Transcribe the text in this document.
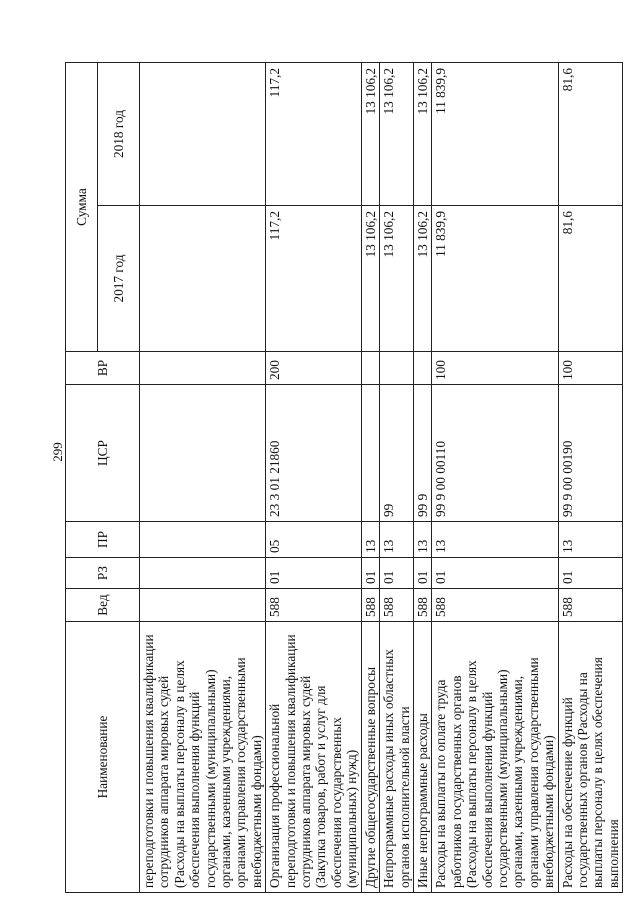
299
Наименование	Вед	РЗ	ПР	ЦСР	ВР	Сумма	
						2017 год	2018 год
переподготовки и повышения квалификации сотрудников аппарата мировых судей (Расходы на выплаты персоналу в целях обеспечения выполнения функций государственными (муниципальными) органами, казенными учреждениями, органами управления государственными внебюджетными фондами)							
Организация профессиональной переподготовки и повышения квалификации сотрудников аппарата мировых судей (Закупка товаров, работ и услуг для обеспечения государственных (муниципальных) нужд)	588	01	05	23 3 01 21860	200	117,2	117,2
Другие общегосударственные вопросы	588	01	13			13 106,2	13 106,2
Непрограммные расходы иных областных органов исполнительной власти	588	01	13	99		13 106,2	13 106,2
Иные непрограммные расходы	588	01	13	99 9		13 106,2	13 106,2
Расходы на выплаты по оплате труда работников государственных органов (Расходы на выплаты персоналу в целях обеспечения выполнения функций государственными (муниципальными) органами, казенными учреждениями, органами управления государственными внебюджетными фондами)	588	01	13	99 9 00 00110	100	11 839,9	11 839,9
Расходы на обеспечение функций государственных органов (Расходы на выплаты персоналу в целях обеспечения выполнения	588	01	13	99 9 00 00190	100	81,6	81,6
